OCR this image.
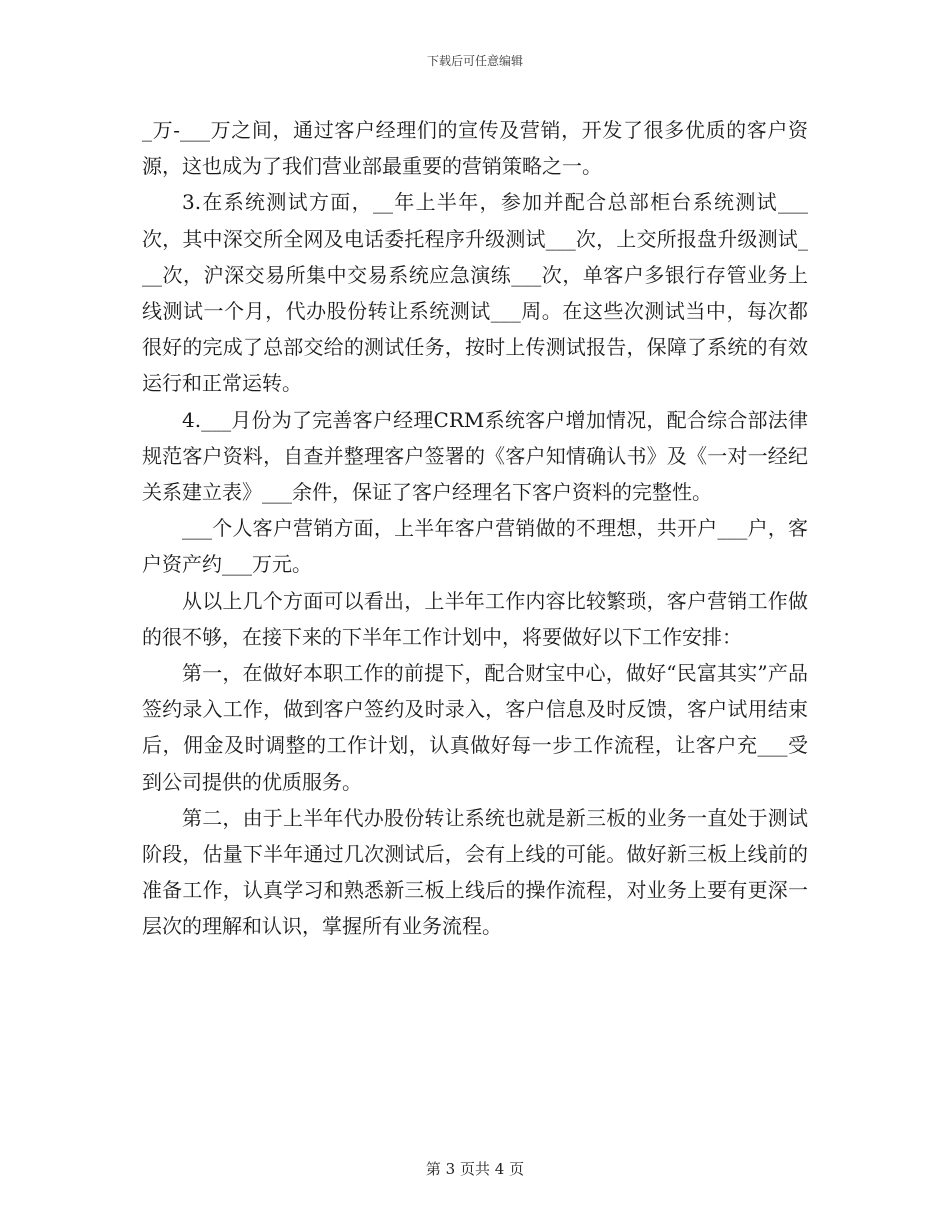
下载后可任意编辑

_万-___万之间，通过客户经理们的宣传及营销，开发了很多优质的客户资源，这也成为了我们营业部最重要的营销策略之一。

3.在系统测试方面，__年上半年，参加并配合总部柜台系统测试___次，其中深交所全网及电话委托程序升级测试___次，上交所报盘升级测试___次，沪深交易所集中交易系统应急演练___次，单客户多银行存管业务上线测试一个月，代办股份转让系统测试___周。在这些次测试当中，每次都很好的完成了总部交给的测试任务，按时上传测试报告，保障了系统的有效运行和正常运转。

4.___月份为了完善客户经理CRM系统客户增加情况，配合综合部法律规范客户资料，自查并整理客户签署的《客户知情确认书》及《一对一经纪关系建立表》___余件，保证了客户经理名下客户资料的完整性。

___个人客户营销方面，上半年客户营销做的不理想，共开户___户，客户资产约___万元。

从以上几个方面可以看出，上半年工作内容比较繁琐，客户营销工作做的很不够，在接下来的下半年工作计划中，将要做好以下工作安排：

第一，在做好本职工作的前提下，配合财宝中心，做好“民富其实”产品签约录入工作，做到客户签约及时录入，客户信息及时反馈，客户试用结束后，佣金及时调整的工作计划，认真做好每一步工作流程，让客户充___受到公司提供的优质服务。

第二，由于上半年代办股份转让系统也就是新三板的业务一直处于测试阶段，估量下半年通过几次测试后，会有上线的可能。做好新三板上线前的准备工作，认真学习和熟悉新三板上线后的操作流程，对业务上要有更深一层次的理解和认识，掌握所有业务流程。

第 3 页共 4 页
